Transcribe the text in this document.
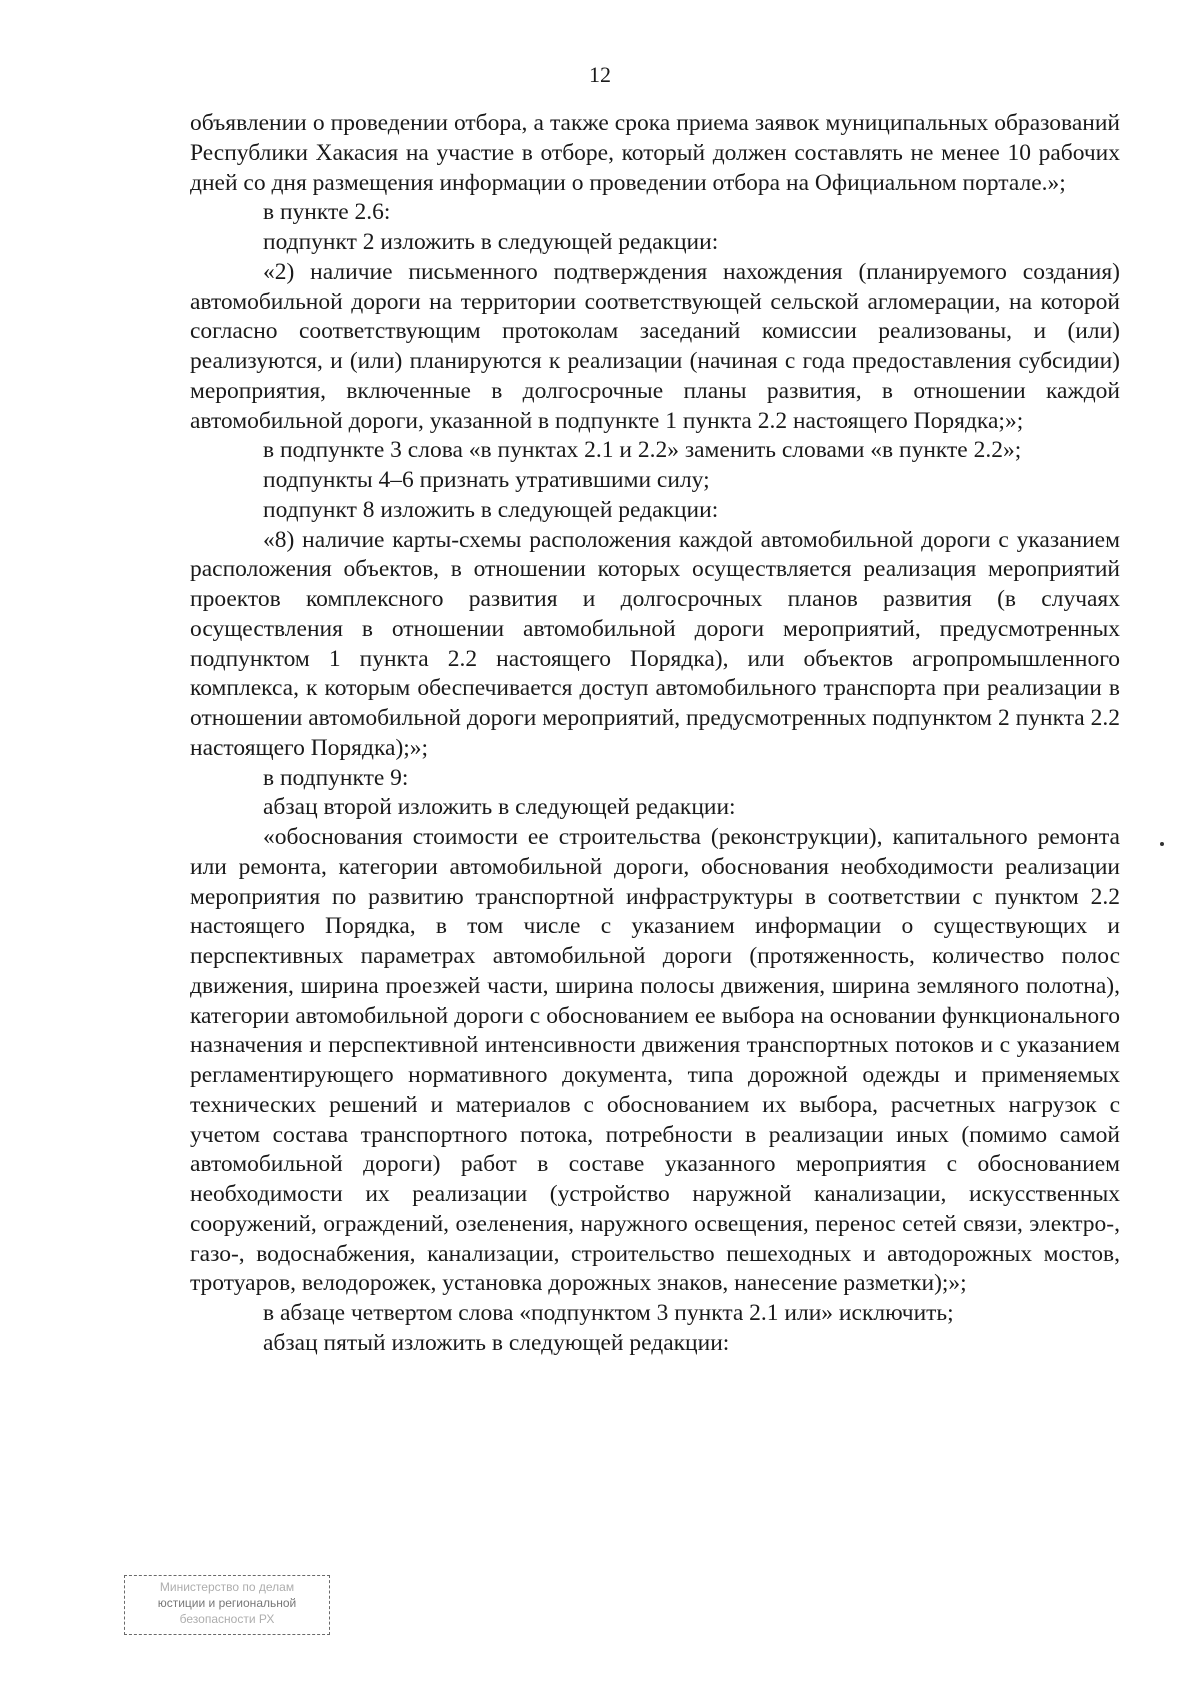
12

объявлении о проведении отбора, а также срока приема заявок муниципальных образований Республики Хакасия на участие в отборе, который должен составлять не менее 10 рабочих дней со дня размещения информации о проведении отбора на Официальном портале.»;

в пункте 2.6:

подпункт 2 изложить в следующей редакции:

«2) наличие письменного подтверждения нахождения (планируемого создания) автомобильной дороги на территории соответствующей сельской агломерации, на которой согласно соответствующим протоколам заседаний комиссии реализованы, и (или) реализуются, и (или) планируются к реализации (начиная с года предоставления субсидии) мероприятия, включенные в долгосрочные планы развития, в отношении каждой автомобильной дороги, указанной в подпункте 1 пункта 2.2 настоящего Порядка;»;

в подпункте 3 слова «в пунктах 2.1 и 2.2» заменить словами «в пункте 2.2»;

подпункты 4–6 признать утратившими силу;

подпункт 8 изложить в следующей редакции:

«8) наличие карты-схемы расположения каждой автомобильной дороги с указанием расположения объектов, в отношении которых осуществляется реализация мероприятий проектов комплексного развития и долгосрочных планов развития (в случаях осуществления в отношении автомобильной дороги мероприятий, предусмотренных подпунктом 1 пункта 2.2 настоящего Порядка), или объектов агропромышленного комплекса, к которым обеспечивается доступ автомобильного транспорта при реализации в отношении автомобильной дороги мероприятий, предусмотренных подпунктом 2 пункта 2.2 настоящего Порядка);»;

в подпункте 9:

абзац второй изложить в следующей редакции:

«обоснования стоимости ее строительства (реконструкции), капитального ремонта или ремонта, категории автомобильной дороги, обоснования необходимости реализации мероприятия по развитию транспортной инфраструктуры в соответствии с пунктом 2.2 настоящего Порядка, в том числе с указанием информации о существующих и перспективных параметрах автомобильной дороги (протяженность, количество полос движения, ширина проезжей части, ширина полосы движения, ширина земляного полотна), категории автомобильной дороги с обоснованием ее выбора на основании функционального назначения и перспективной интенсивности движения транспортных потоков и с указанием регламентирующего нормативного документа, типа дорожной одежды и применяемых технических решений и материалов с обоснованием их выбора, расчетных нагрузок с учетом состава транспортного потока, потребности в реализации иных (помимо самой автомобильной дороги) работ в составе указанного мероприятия с обоснованием необходимости их реализации (устройство наружной канализации, искусственных сооружений, ограждений, озеленения, наружного освещения, перенос сетей связи, электро-, газо-, водоснабжения, канализации, строительство пешеходных и автодорожных мостов, тротуаров, велодорожек, установка дорожных знаков, нанесение разметки);»;

в абзаце четвертом слова «подпунктом 3 пункта 2.1 или» исключить;

абзац пятый изложить в следующей редакции:

Министерство по делам
юстиции и региональной
безопасности РХ
